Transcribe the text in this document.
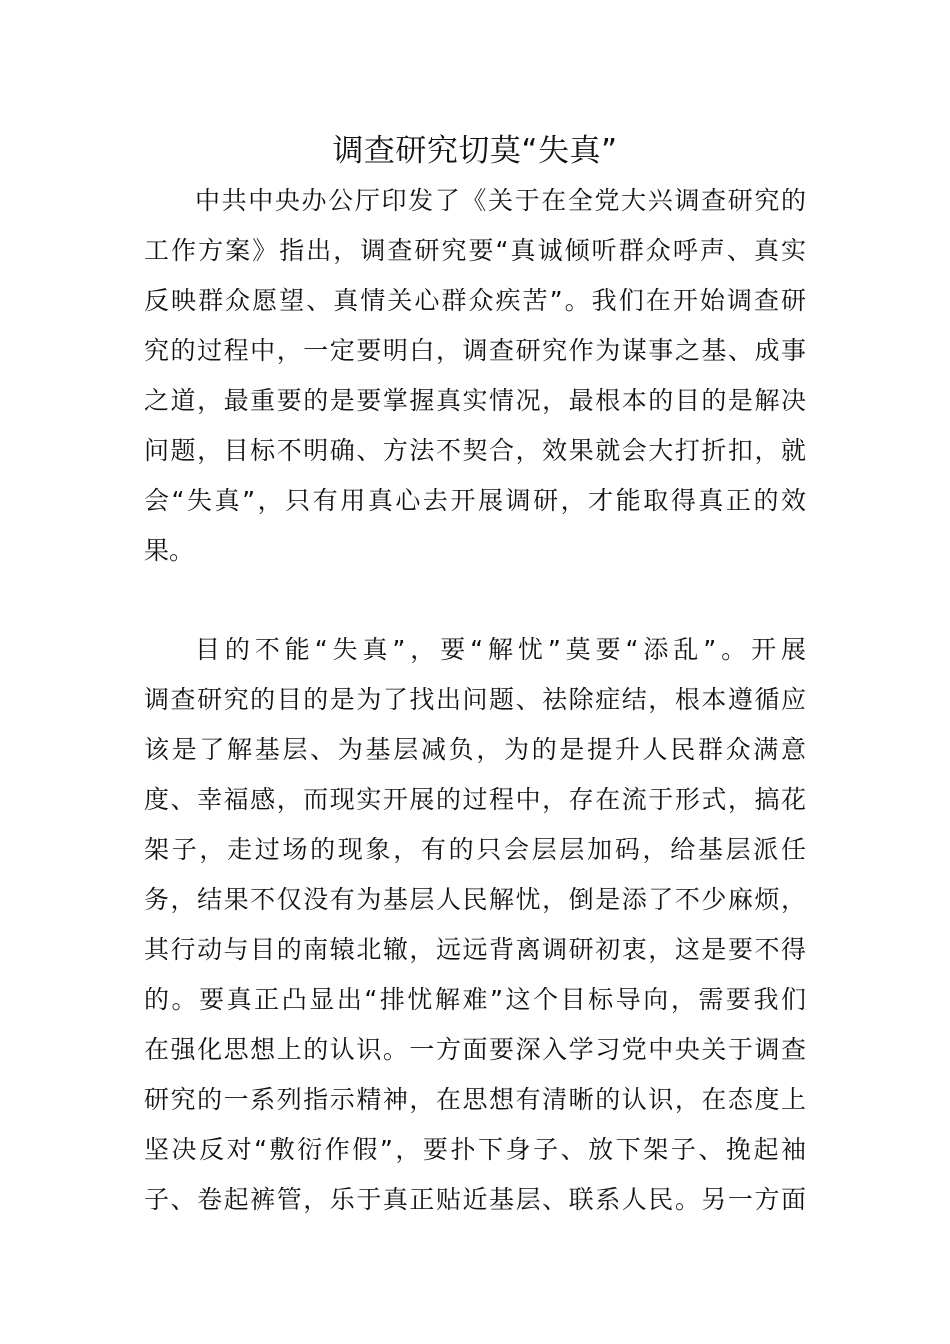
调查研究切莫“失真”
中共中央办公厅印发了《关于在全党大兴调查研究的
工作方案》指出，调查研究要“真诚倾听群众呼声、真实
反映群众愿望、真情关心群众疾苦”。我们在开始调查研
究的过程中，一定要明白，调查研究作为谋事之基、成事
之道，最重要的是要掌握真实情况，最根本的目的是解决
问题，目标不明确、方法不契合，效果就会大打折扣，就
会“失真”，只有用真心去开展调研，才能取得真正的效
果。
目的不能“失真”，要“解忧”莫要“添乱”。开展
调查研究的目的是为了找出问题、祛除症结，根本遵循应
该是了解基层、为基层减负，为的是提升人民群众满意
度、幸福感，而现实开展的过程中，存在流于形式，搞花
架子，走过场的现象，有的只会层层加码，给基层派任
务，结果不仅没有为基层人民解忧，倒是添了不少麻烦，
其行动与目的南辕北辙，远远背离调研初衷，这是要不得
的。要真正凸显出“排忧解难”这个目标导向，需要我们
在强化思想上的认识。一方面要深入学习党中央关于调查
研究的一系列指示精神，在思想有清晰的认识，在态度上
坚决反对“敷衍作假”，要扑下身子、放下架子、挽起袖
子、卷起裤管，乐于真正贴近基层、联系人民。另一方面
